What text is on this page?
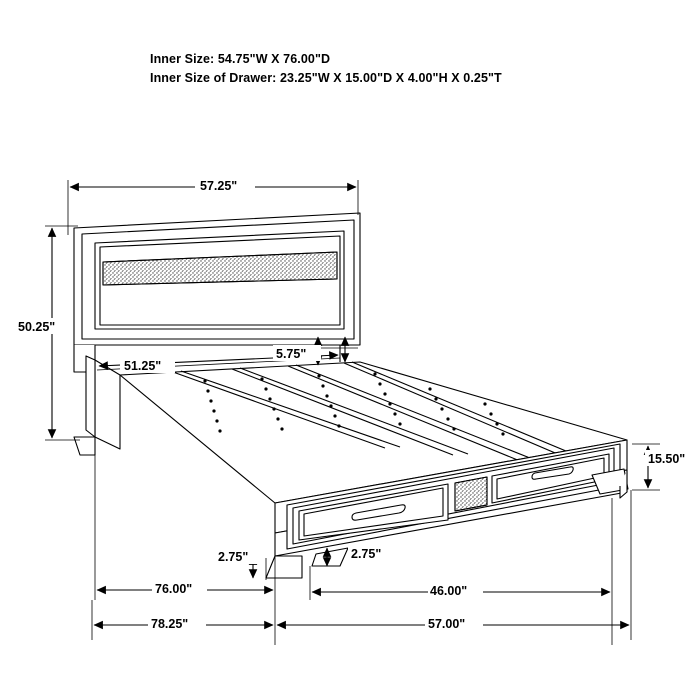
Inner Size: 54.75"W X 76.00"D
Inner Size of Drawer: 23.25"W X 15.00"D X 4.00"H X 0.25"T
57.25"
50.25"
51.25"
5.75"
15.50"
2.75"	2.75"
76.00"	46.00"
78.25"	57.00"
